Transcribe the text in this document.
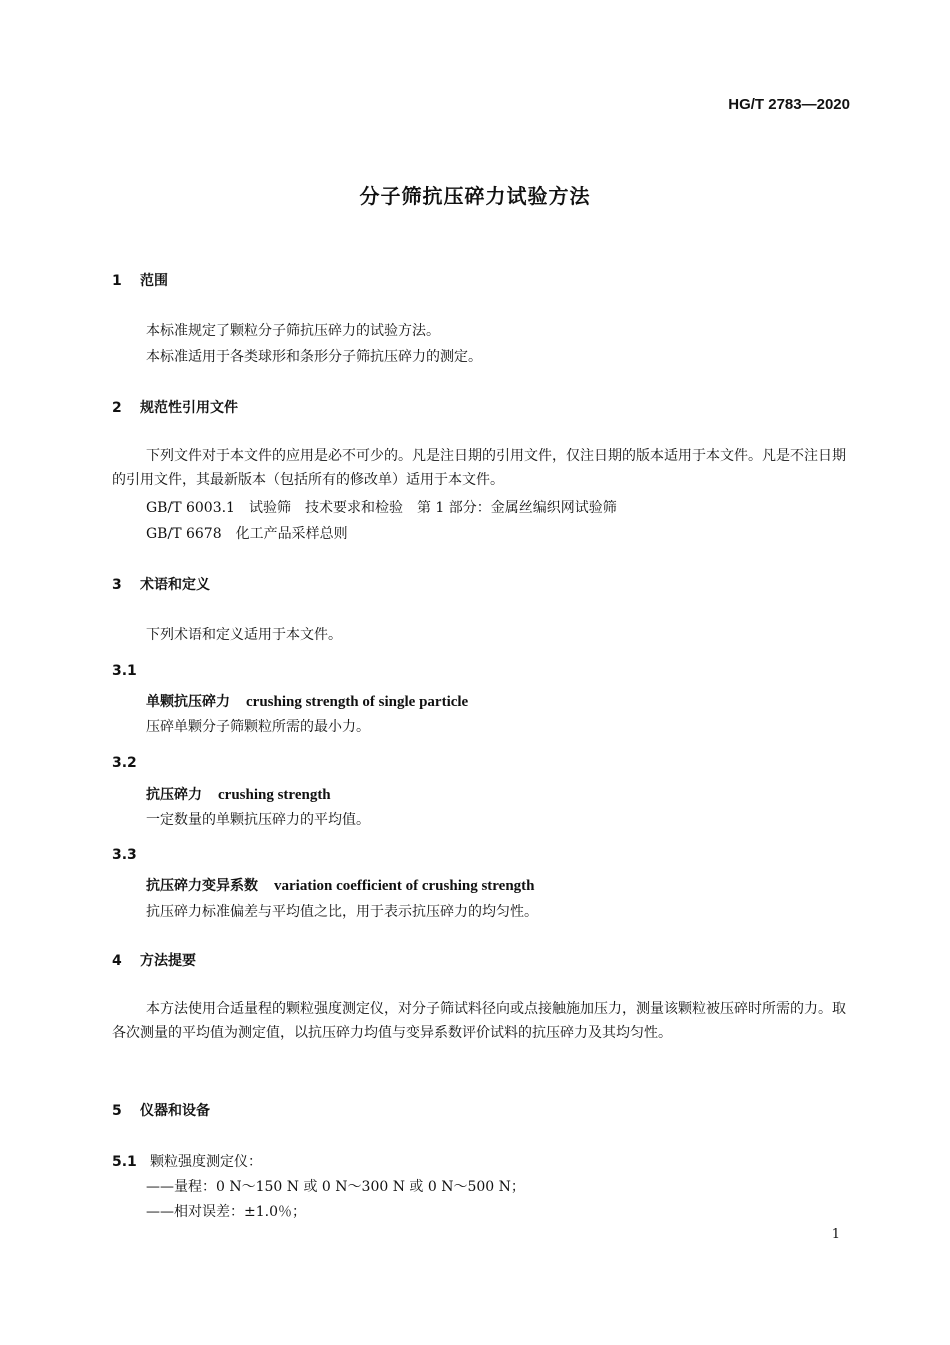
HG/T 2783—2020
分子筛抗压碎力试验方法
1 范围
本标准规定了颗粒分子筛抗压碎力的试验方法。
本标准适用于各类球形和条形分子筛抗压碎力的测定。
2 规范性引用文件
下列文件对于本文件的应用是必不可少的。凡是注日期的引用文件，仅注日期的版本适用于本文件。凡是不注日期的引用文件，其最新版本（包括所有的修改单）适用于本文件。
GB/T 6003.1　试验筛　技术要求和检验　第 1 部分：金属丝编织网试验筛
GB/T 6678　化工产品采样总则
3 术语和定义
下列术语和定义适用于本文件。
3.1
单颗抗压碎力 crushing strength of single particle
压碎单颗分子筛颗粒所需的最小力。
3.2
抗压碎力 crushing strength
一定数量的单颗抗压碎力的平均值。
3.3
抗压碎力变异系数 variation coefficient of crushing strength
抗压碎力标准偏差与平均值之比，用于表示抗压碎力的均匀性。
4 方法提要
本方法使用合适量程的颗粒强度测定仪，对分子筛试料径向或点接触施加压力，测量该颗粒被压碎时所需的力。取各次测量的平均值为测定值，以抗压碎力均值与变异系数评价试料的抗压碎力及其均匀性。
5 仪器和设备
5.1 颗粒强度测定仪：
——量程：0 N～150 N 或 0 N～300 N 或 0 N～500 N；
——相对误差：±1.0％；
1
